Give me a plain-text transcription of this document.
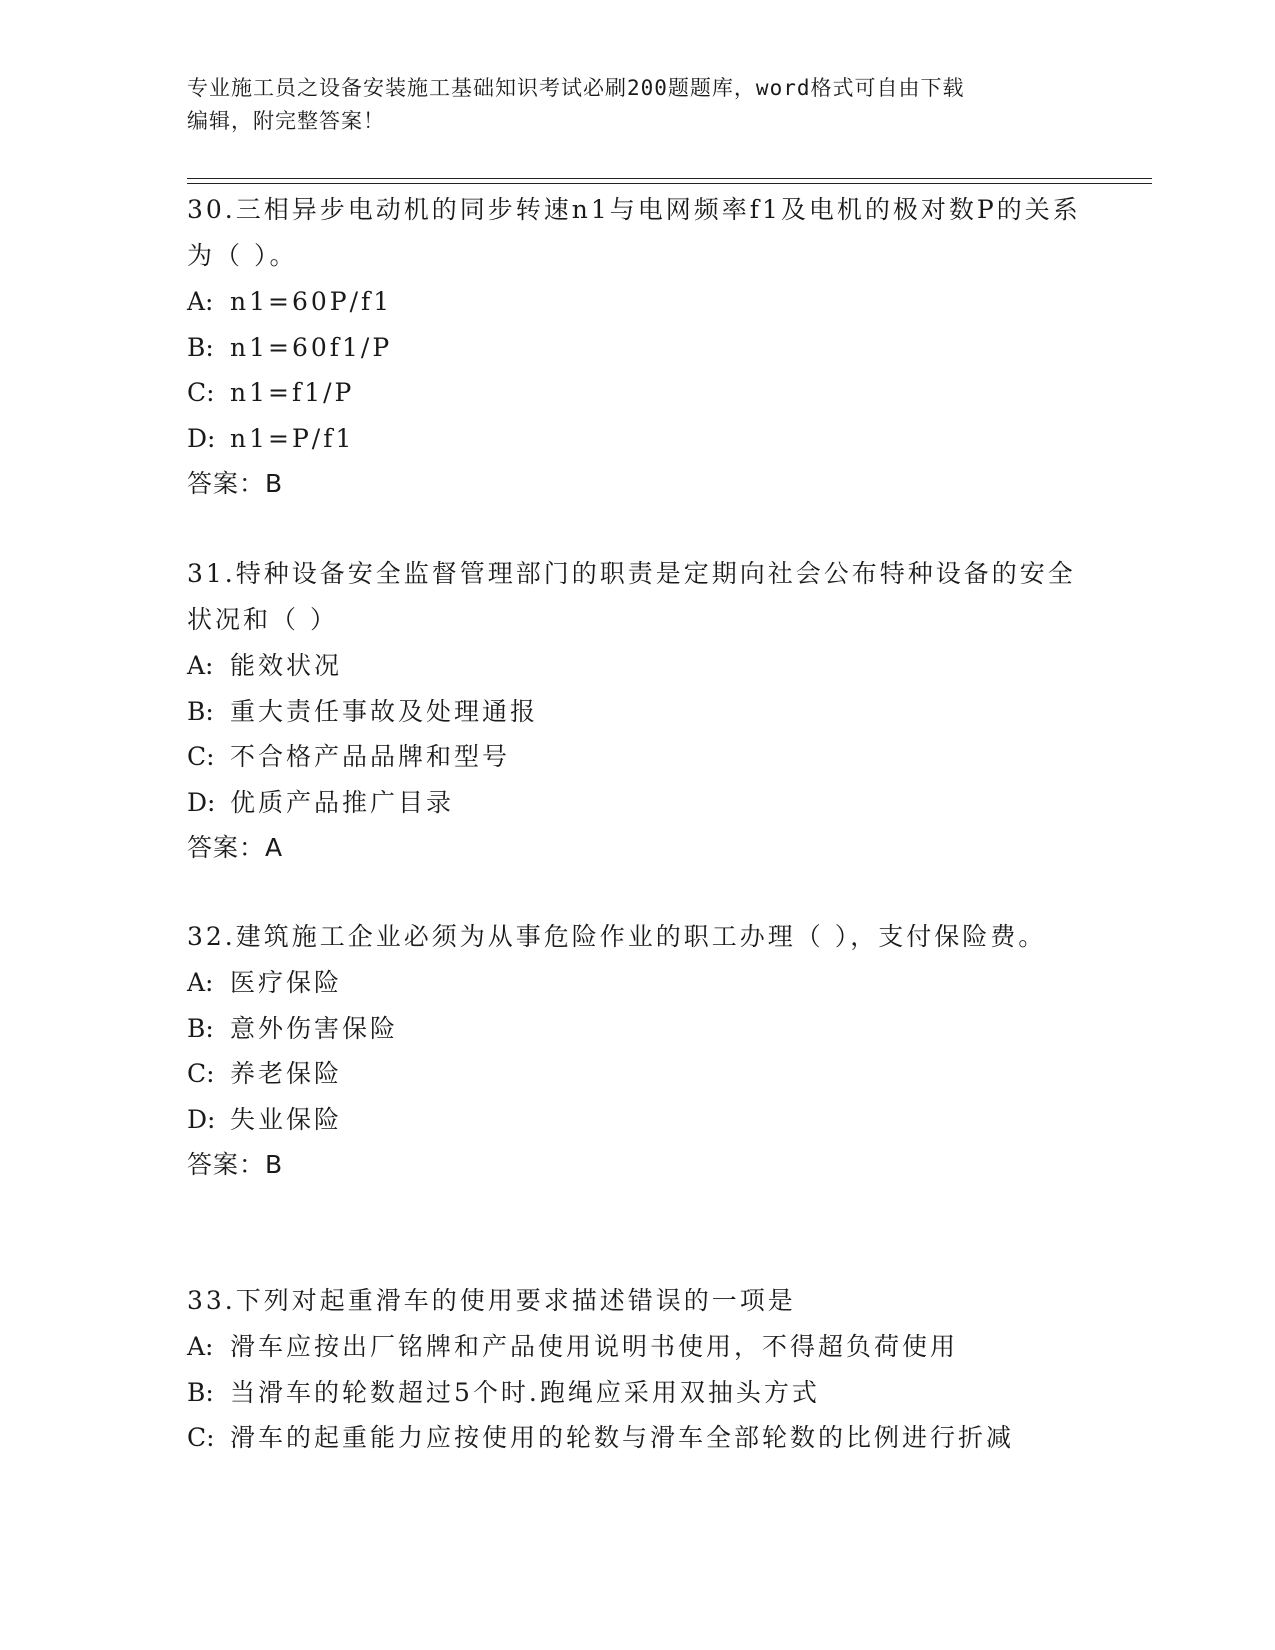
专业施工员之设备安装施工基础知识考试必刷200题题库，word格式可自由下载
编辑，附完整答案！

30.三相异步电动机的同步转速n1与电网频率f1及电机的极对数P的关系为（ ）。

A: n1=60P/f1

B: n1=60f1/P

C: n1=f1/P

D: n1=P/f1

答案：B

31.特种设备安全监督管理部门的职责是定期向社会公布特种设备的安全状况和（ ）

A: 能效状况

B: 重大责任事故及处理通报

C: 不合格产品品牌和型号

D: 优质产品推广目录

答案：A

32.建筑施工企业必须为从事危险作业的职工办理（ ），支付保险费。

A: 医疗保险

B: 意外伤害保险

C: 养老保险

D: 失业保险

答案：B

33.下列对起重滑车的使用要求描述错误的一项是

A: 滑车应按出厂铭牌和产品使用说明书使用，不得超负荷使用

B: 当滑车的轮数超过5个时.跑绳应采用双抽头方式

C: 滑车的起重能力应按使用的轮数与滑车全部轮数的比例进行折减
